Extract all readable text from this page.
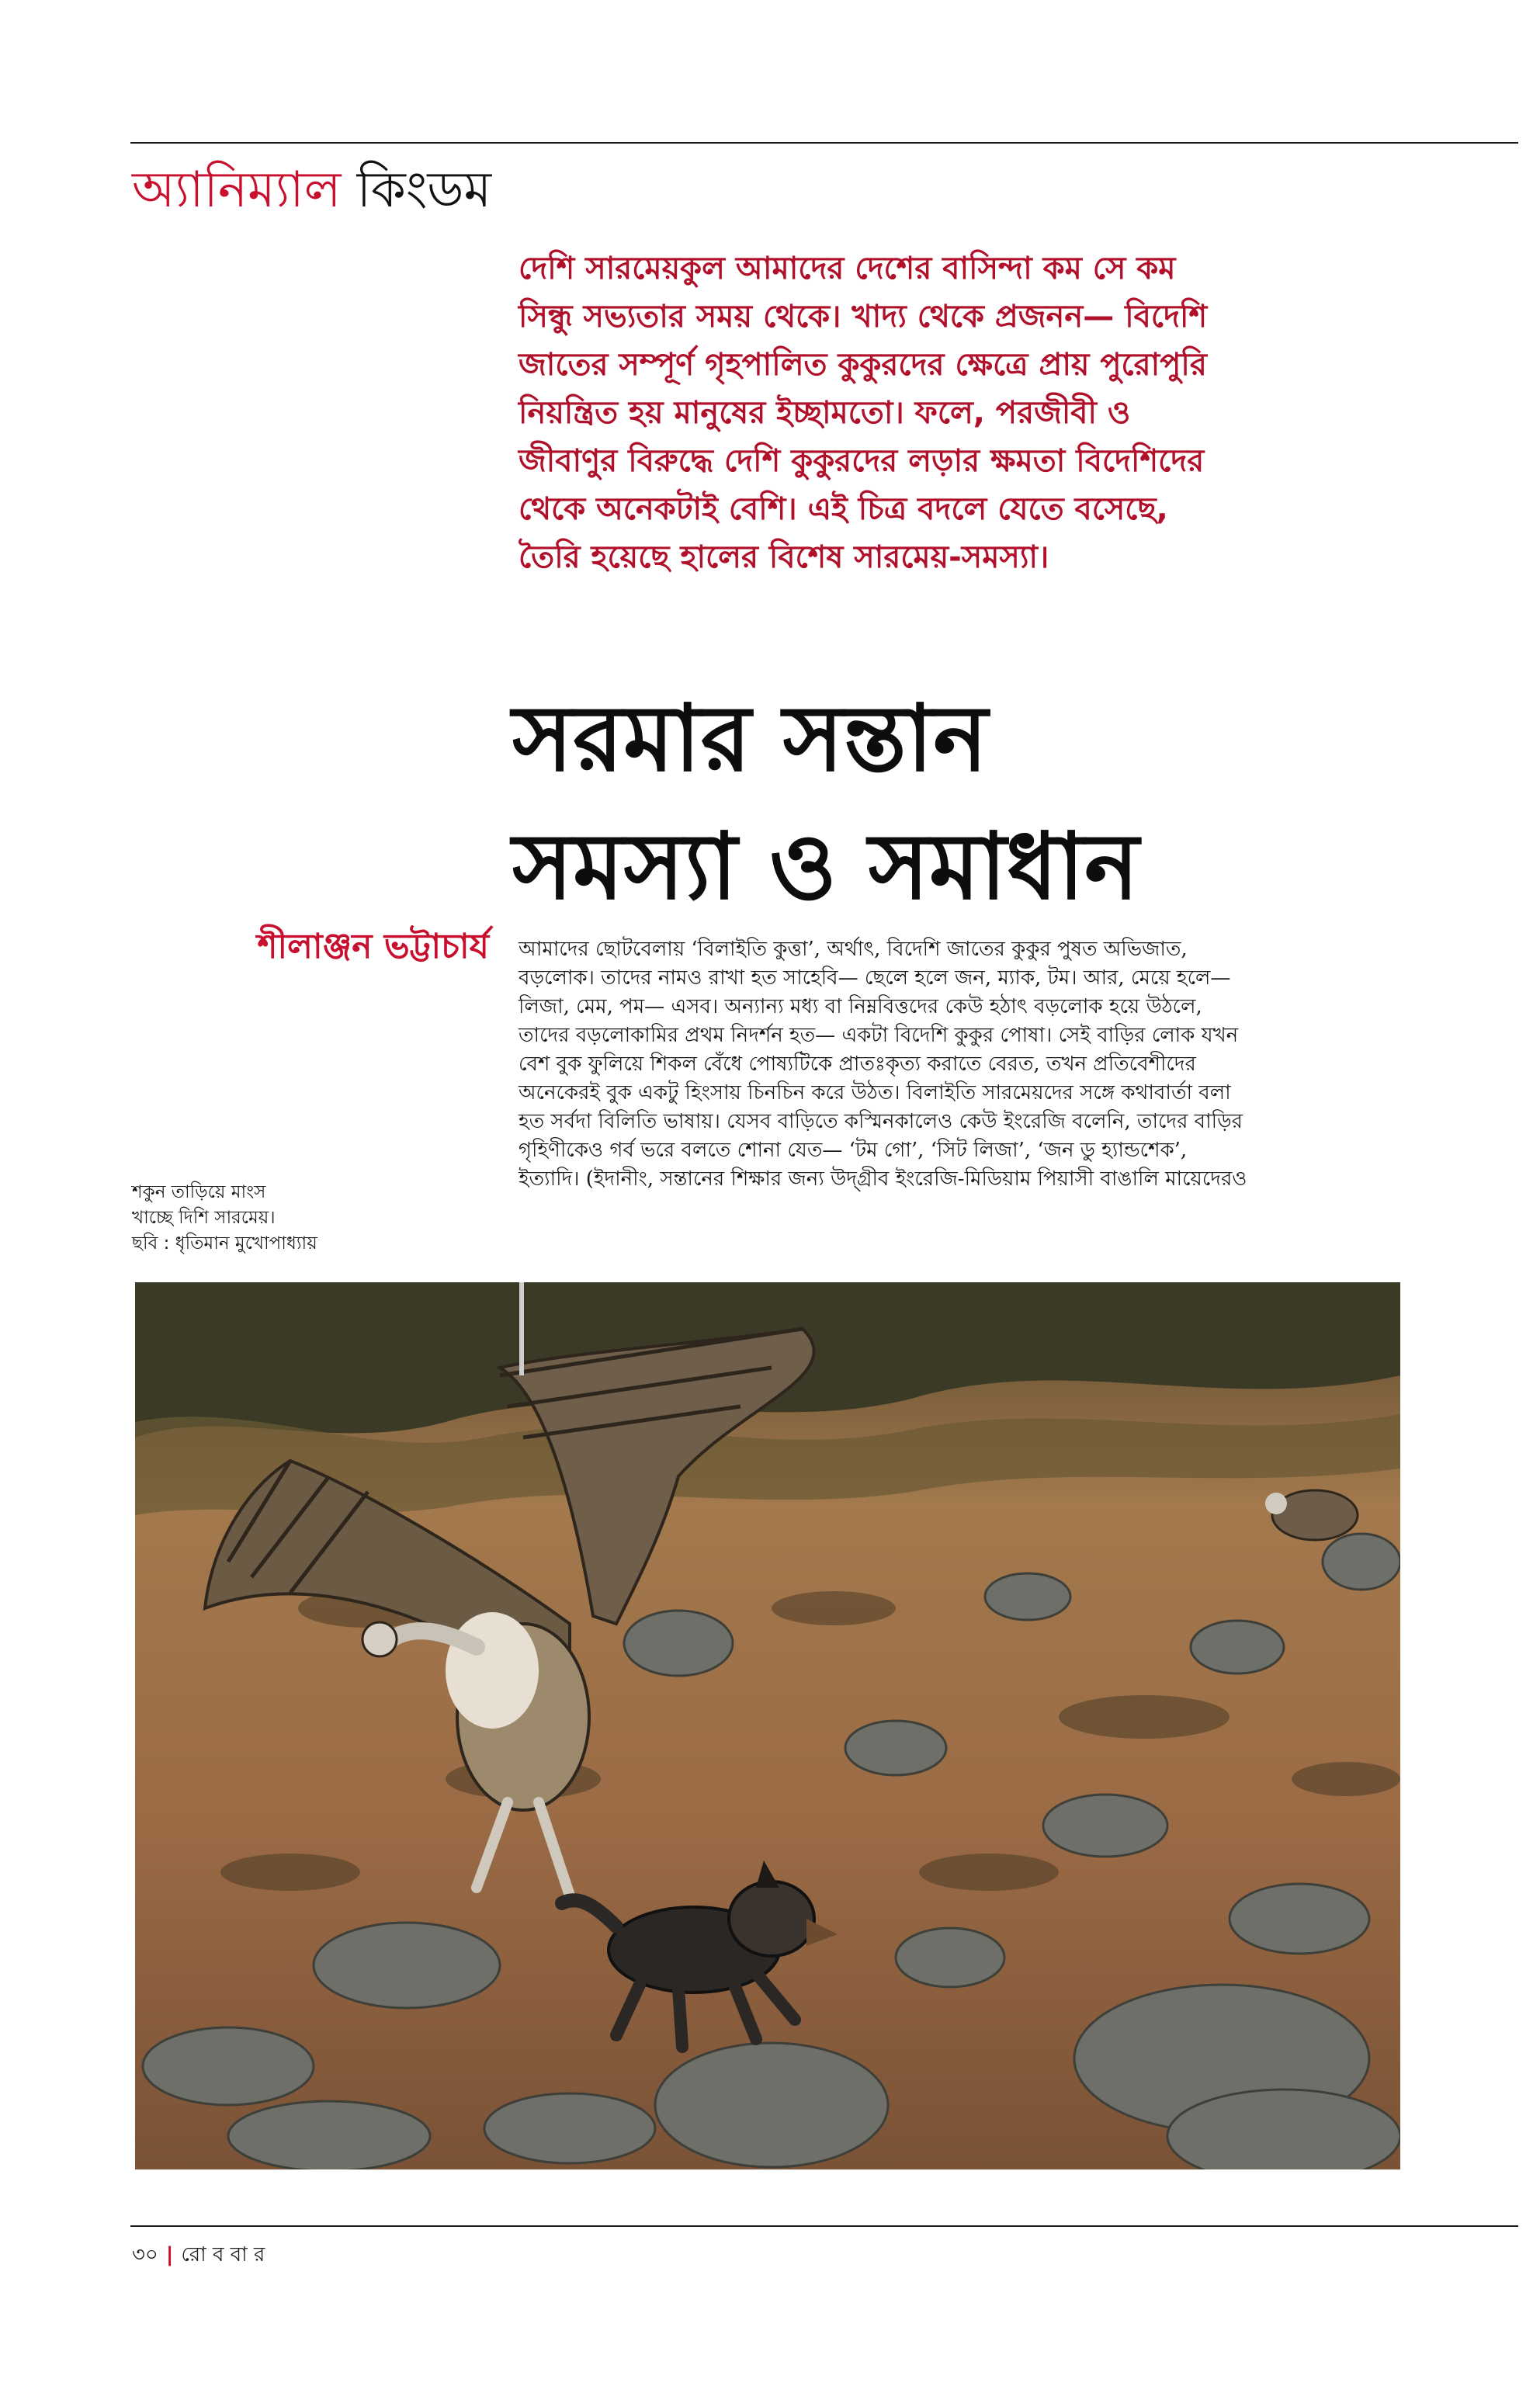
অ্যানিম্যাল কিংডম
দেশি সারমেয়কুল আমাদের দেশের বাসিন্দা কম সে কম
সিন্ধু সভ্যতার সময় থেকে। খাদ্য থেকে প্রজনন— বিদেশি
জাতের সম্পূর্ণ গৃহপালিত কুকুরদের ক্ষেত্রে প্রায় পুরোপুরি
নিয়ন্ত্রিত হয় মানুষের ইচ্ছামতো। ফলে, পরজীবী ও
জীবাণুর বিরুদ্ধে দেশি কুকুরদের লড়ার ক্ষমতা বিদেশিদের
থেকে অনেকটাই বেশি। এই চিত্র বদলে যেতে বসেছে,
তৈরি হয়েছে হালের বিশেষ সারমেয়-সমস্যা।
সরমার সন্তান
সমস্যা ও সমাধান
শীলাঞ্জন ভট্টাচার্য আমাদের ছোটবেলায় ‘বিলাইতি কুত্তা’, অর্থাৎ, বিদেশি জাতের কুকুর পুষত অভিজাত,
বড়লোক। তাদের নামও রাখা হত সাহেবি— ছেলে হলে জন, ম্যাক, টম। আর, মেয়ে হলে—
লিজা, মেম, পম— এসব। অন্যান্য মধ্য বা নিম্নবিত্তদের কেউ হঠাৎ বড়লোক হয়ে উঠলে,
তাদের বড়লোকামির প্রথম নিদর্শন হত— একটা বিদেশি কুকুর পোষা। সেই বাড়ির লোক যখন
বেশ বুক ফুলিয়ে শিকল বেঁধে পোষ্যটিকে প্রাতঃকৃত্য করাতে বেরত, তখন প্রতিবেশীদের
অনেকেরই বুক একটু হিংসায় চিনচিন করে উঠত। বিলাইতি সারমেয়দের সঙ্গে কথাবার্তা বলা
হত সর্বদা বিলিতি ভাষায়। যেসব বাড়িতে কস্মিনকালেও কেউ ইংরেজি বলেনি, তাদের বাড়ির
গৃহিণীকেও গর্ব ভরে বলতে শোনা যেত— ‘টম গো’, ‘সিট লিজা’, ‘জন ডু হ্যান্ডশেক’,
ইত্যাদি। (ইদানীং, সন্তানের শিক্ষার জন্য উদ্গ্রীব ইংরেজি-মিডিয়াম পিয়াসী বাঙালি মায়েদেরও
শকুন তাড়িয়ে মাংস
খাচ্ছে দিশি সারমেয়।
ছবি : ধৃতিমান মুখোপাধ্যায়
৩০ | রো ব বা র
